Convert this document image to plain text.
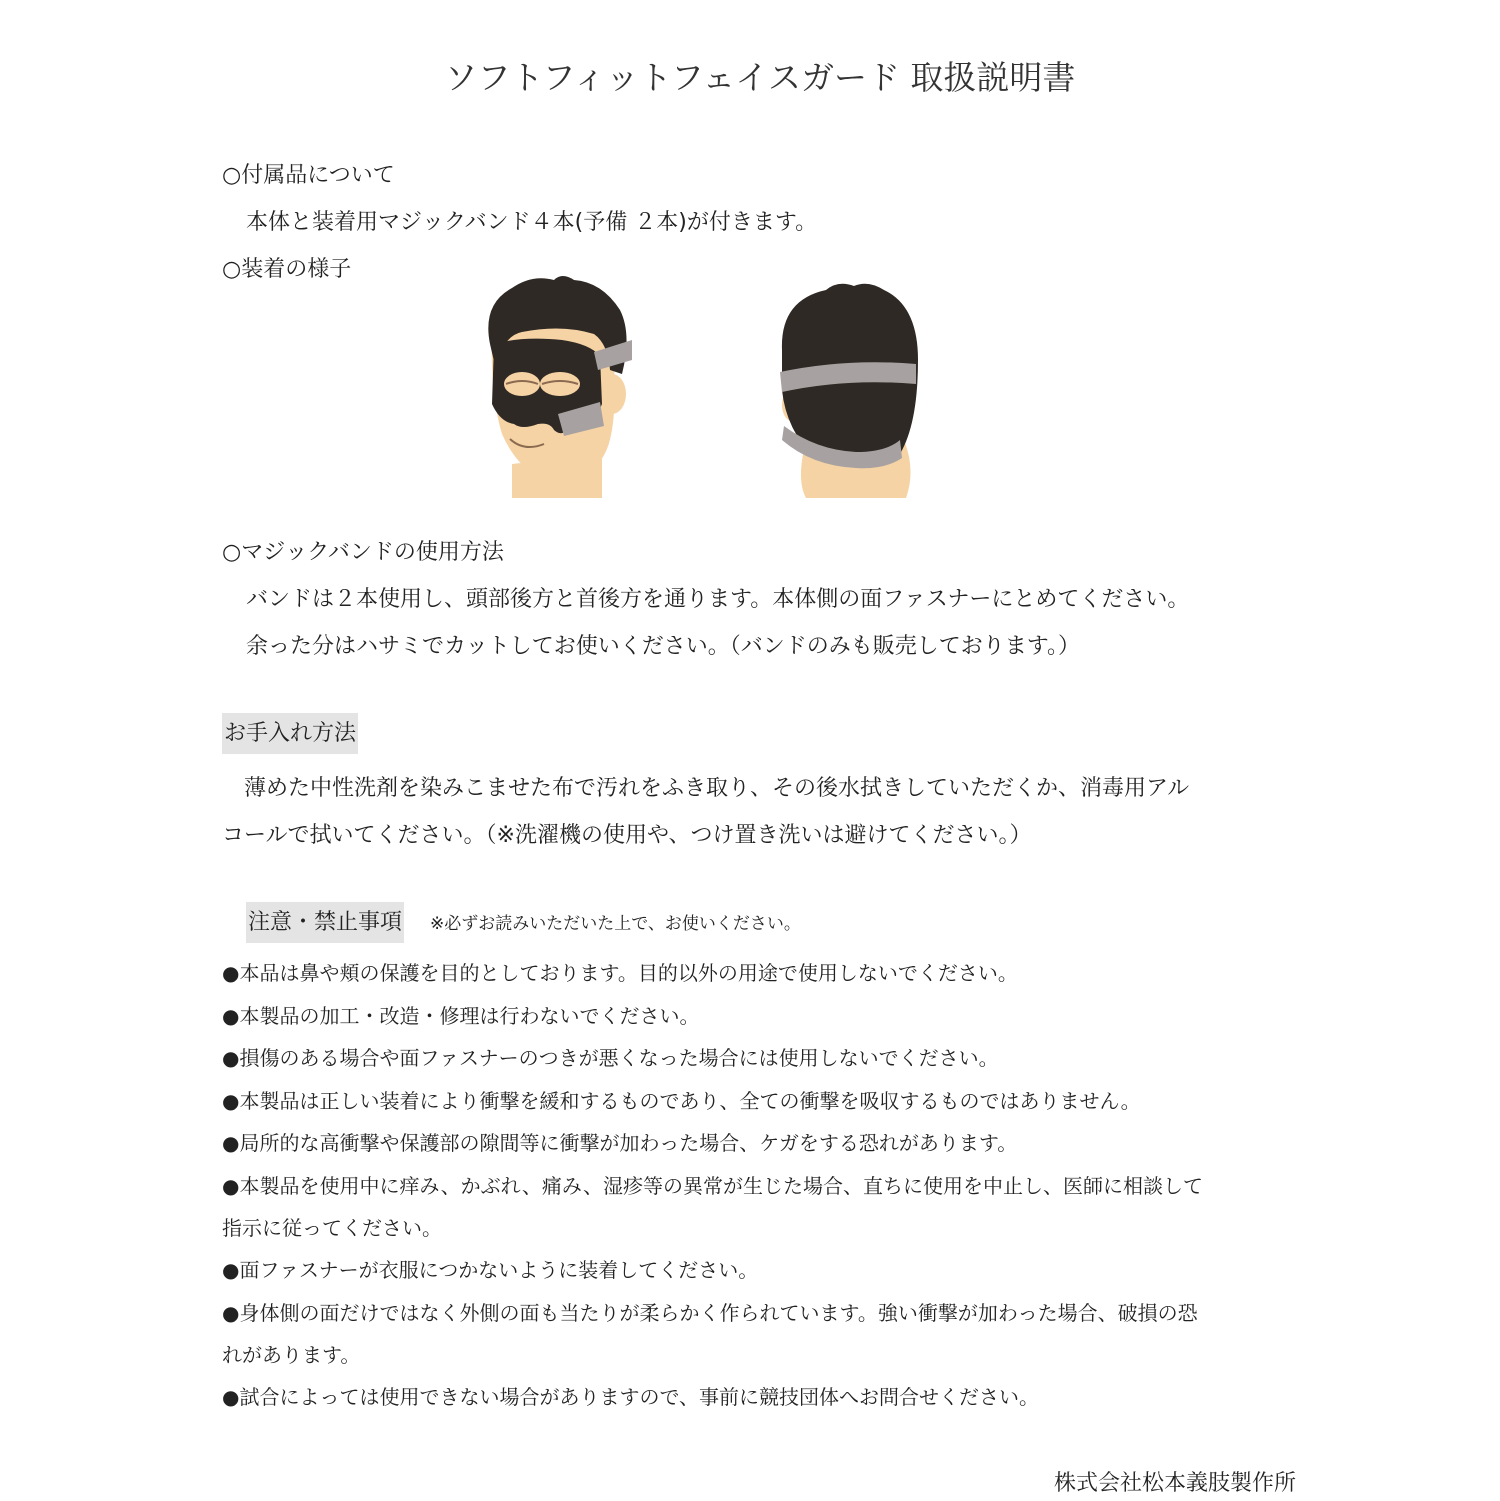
ソフトフィットフェイスガード 取扱説明書
○付属品について
本体と装着用マジックバンド４本(予備 ２本)が付きます。
○装着の様子
○マジックバンドの使用方法
バンドは２本使用し、頭部後方と首後方を通ります。本体側の面ファスナーにとめてください。
余った分はハサミでカットしてお使いください。（バンドのみも販売しております。）
お手入れ方法
　薄めた中性洗剤を染みこませた布で汚れをふき取り、その後水拭きしていただくか、消毒用アル
コールで拭いてください。（※洗濯機の使用や、つけ置き洗いは避けてください。）
注意・禁止事項 ※必ずお読みいただいた上で、お使いください。
●本品は鼻や頬の保護を目的としております。目的以外の用途で使用しないでください。
●本製品の加工・改造・修理は行わないでください。
●損傷のある場合や面ファスナーのつきが悪くなった場合には使用しないでください。
●本製品は正しい装着により衝撃を緩和するものであり、全ての衝撃を吸収するものではありません。
●局所的な高衝撃や保護部の隙間等に衝撃が加わった場合、ケガをする恐れがあります。
●本製品を使用中に痒み、かぶれ、痛み、湿疹等の異常が生じた場合、直ちに使用を中止し、医師に相談して
指示に従ってください。
●面ファスナーが衣服につかないように装着してください。
●身体側の面だけではなく外側の面も当たりが柔らかく作られています。強い衝撃が加わった場合、破損の恐
れがあります。
●試合によっては使用できない場合がありますので、事前に競技団体へお問合せください。
株式会社松本義肢製作所
